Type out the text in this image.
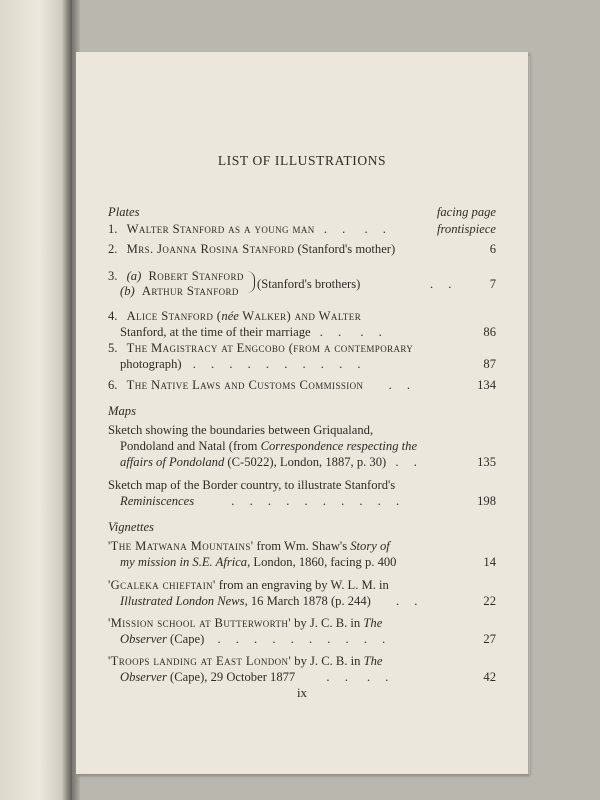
LIST OF ILLUSTRATIONS
Plates	facing page
1. Walter Stanford as a young man . . . .	frontispiece
2. Mrs. Joanna Rosina Stanford (Stanford's mother)	6
3. (a) Robert Stanford
(b) Arthur Stanford (Stanford's brothers)	. .	7
4. Alice Stanford (née Walker) and Walter
Stanford, at the time of their marriage . . . .	86
5. The Magistracy at Engcobo (from a contemporary
photograph) . . . . . . . . . .	87
6. The Native Laws and Customs Commission . .	134
Maps
Sketch showing the boundaries between Griqualand,
Pondoland and Natal (from Correspondence respecting the
affairs of Pondoland (C-5022), London, 1887, p. 30) . .	135
Sketch map of the Border country, to illustrate Stanford's
Reminiscences	. . . . . . . . . .	198
Vignettes
'The Matwana Mountains' from Wm. Shaw's Story of
my mission in S.E. Africa, London, 1860, facing p. 400	14
'Gcaleka chieftain' from an engraving by W. L. M. in
Illustrated London News, 16 March 1878 (p. 244) . .	22
'Mission school at Butterworth' by J. C. B. in The
Observer (Cape) . . . . . . . . . .	27
'Troops landing at East London' by J. C. B. in The
Observer (Cape), 29 October 1877 . . . .	42
ix
